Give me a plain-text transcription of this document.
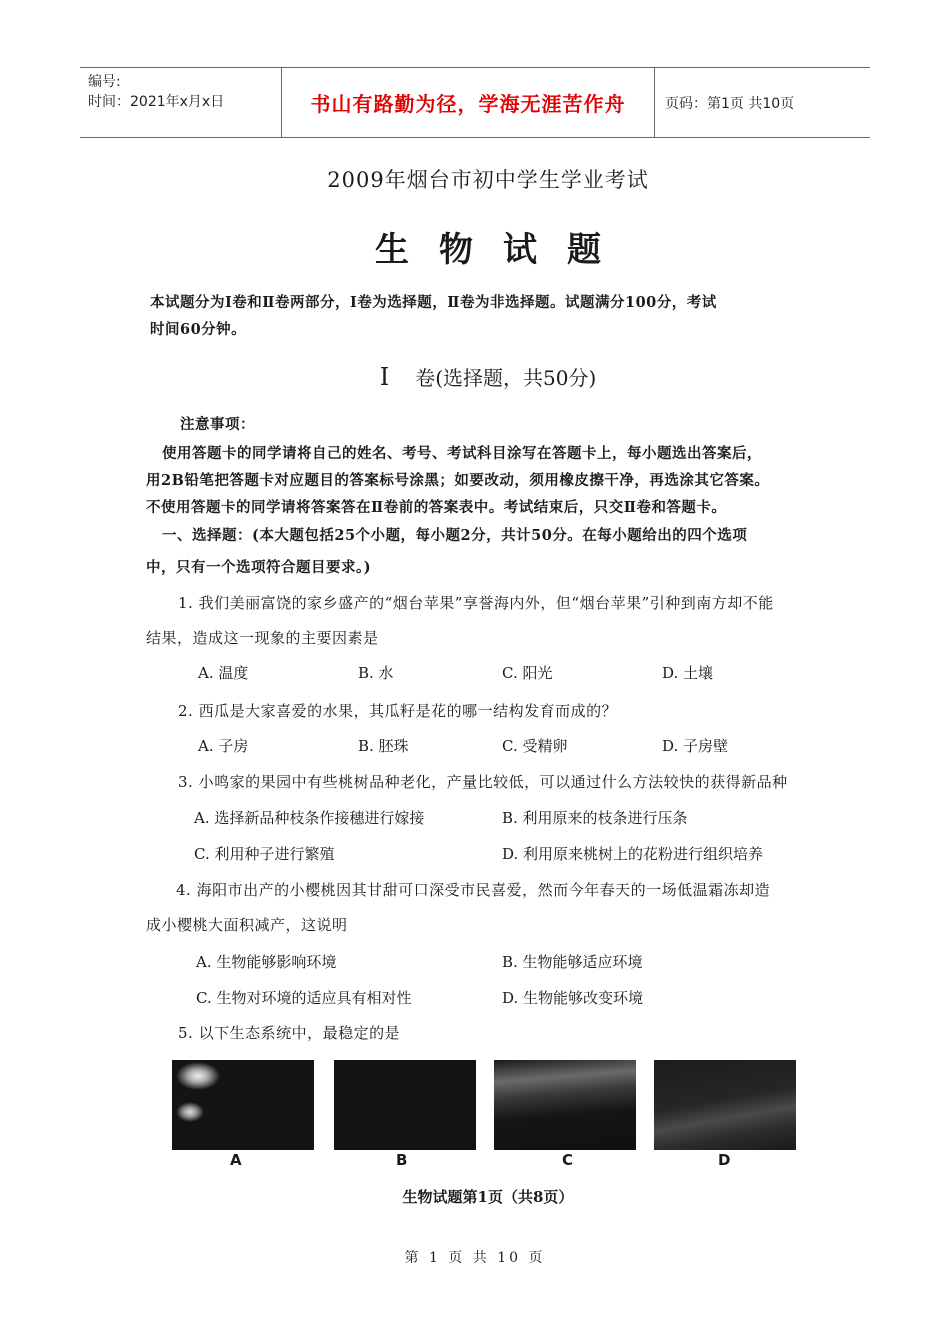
编号:
时间：2021年x月x日	书山有路勤为径，学海无涯苦作舟	页码：第1页 共10页
2009年烟台市初中学生学业考试
生物试题
本试题分为Ⅰ卷和Ⅱ卷两部分，Ⅰ卷为选择题，Ⅱ卷为非选择题。试题满分100分，考试
时间60分钟。
Ⅰ 卷(选择题，共50分)
注意事项：
使用答题卡的同学请将自己的姓名、考号、考试科目涂写在答题卡上，每小题选出答案后，
用2B铅笔把答题卡对应题目的答案标号涂黑；如要改动，须用橡皮擦干净，再选涂其它答案。
不使用答题卡的同学请将答案答在Ⅱ卷前的答案表中。考试结束后，只交Ⅱ卷和答题卡。
一、选择题：(本大题包括25个小题，每小题2分，共计50分。在每小题给出的四个选项
中，只有一个选项符合题目要求。)
1. 我们美丽富饶的家乡盛产的“烟台苹果”享誉海内外，但“烟台苹果”引种到南方却不能
结果，造成这一现象的主要因素是
A. 温度	B. 水	C. 阳光	D. 土壤
2. 西瓜是大家喜爱的水果，其瓜籽是花的哪一结构发育而成的？
A. 子房	B. 胚珠	C. 受精卵	D. 子房壁
3. 小鸣家的果园中有些桃树品种老化，产量比较低，可以通过什么方法较快的获得新品种
A. 选择新品种枝条作接穗进行嫁接	B. 利用原来的枝条进行压条
C. 利用种子进行繁殖	D. 利用原来桃树上的花粉进行组织培养
4. 海阳市出产的小樱桃因其甘甜可口深受市民喜爱，然而今年春天的一场低温霜冻却造
成小樱桃大面积减产，这说明
A. 生物能够影响环境	B. 生物能够适应环境
C. 生物对环境的适应具有相对性	D. 生物能够改变环境
5. 以下生态系统中，最稳定的是
A	B	C	D
生物试题第1页（共8页）
第 1 页 共 10 页
